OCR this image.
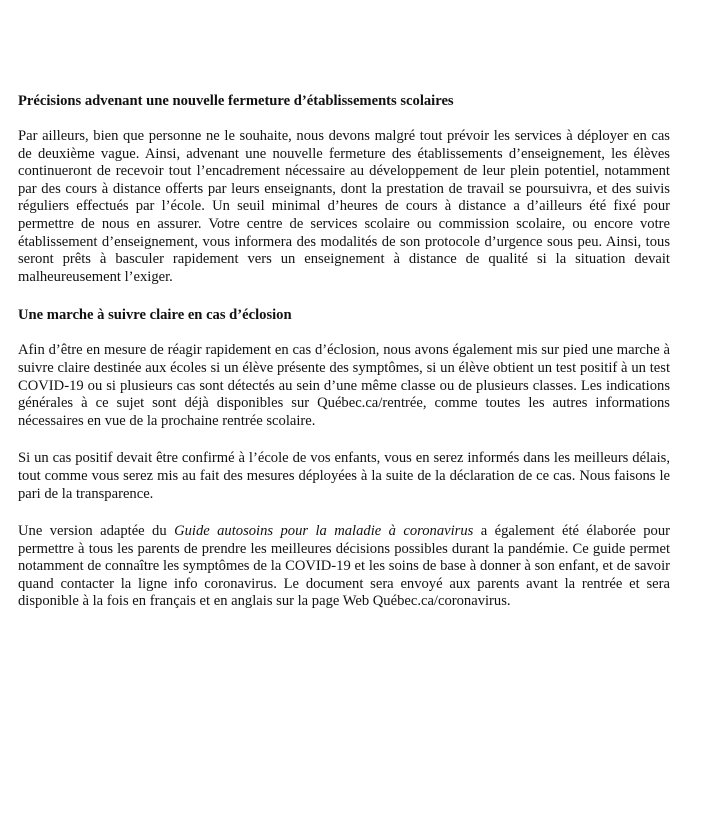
Précisions advenant une nouvelle fermeture d’établissements scolaires

Par ailleurs, bien que personne ne le souhaite, nous devons malgré tout prévoir les services à déployer en cas de deuxième vague. Ainsi, advenant une nouvelle fermeture des établissements d’enseignement, les élèves continueront de recevoir tout l’encadrement nécessaire au développement de leur plein potentiel, notamment par des cours à distance offerts par leurs enseignants, dont la prestation de travail se poursuivra, et des suivis réguliers effectués par l’école. Un seuil minimal d’heures de cours à distance a d’ailleurs été fixé pour permettre de nous en assurer. Votre centre de services scolaire ou commission scolaire, ou encore votre établissement d’enseignement, vous informera des modalités de son protocole d’urgence sous peu. Ainsi, tous seront prêts à basculer rapidement vers un enseignement à distance de qualité si la situation devait malheureusement l’exiger.

Une marche à suivre claire en cas d’éclosion

Afin d’être en mesure de réagir rapidement en cas d’éclosion, nous avons également mis sur pied une marche à suivre claire destinée aux écoles si un élève présente des symptômes, si un élève obtient un test positif à un test COVID-19 ou si plusieurs cas sont détectés au sein d’une même classe ou de plusieurs classes. Les indications générales à ce sujet sont déjà disponibles sur Québec.ca/rentrée, comme toutes les autres informations nécessaires en vue de la prochaine rentrée scolaire.

Si un cas positif devait être confirmé à l’école de vos enfants, vous en serez informés dans les meilleurs délais, tout comme vous serez mis au fait des mesures déployées à la suite de la déclaration de ce cas. Nous faisons le pari de la transparence.

Une version adaptée du Guide autosoins pour la maladie à coronavirus a également été élaborée pour permettre à tous les parents de prendre les meilleures décisions possibles durant la pandémie. Ce guide permet notamment de connaître les symptômes de la COVID-19 et les soins de base à donner à son enfant, et de savoir quand contacter la ligne info coronavirus. Le document sera envoyé aux parents avant la rentrée et sera disponible à la fois en français et en anglais sur la page Web Québec.ca/coronavirus.
